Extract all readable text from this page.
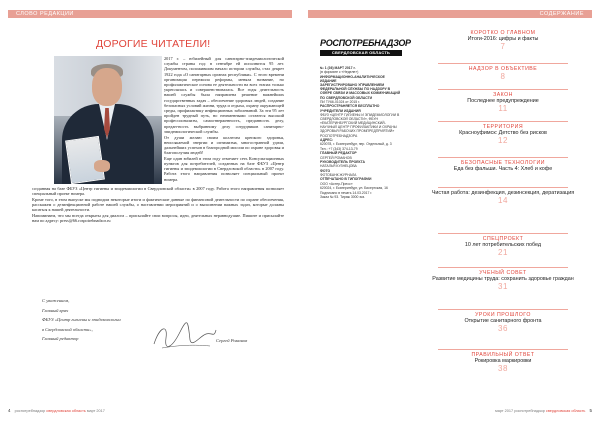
СЛОВО РЕДАКЦИИ
ДОРОГИЕ ЧИТАТЕЛИ!

2017 г. – юбилейный для санитарно-эпидемиологической службы страны год: в сентябре ей исполнится 95 лет. Документом, положившим начало истории службы, стал декрет 1922 года «О санитарных органах республики». С этого времени организация пережила реформы, меняла название, но профилактическое основа ее деятельности на всех этапах только укреплялась и совершенствовалась. Все годы деятельность нашей службы была направлена решение важнейших государственных задач – обеспечение здоровых людей, создание безопасных условий жизни, труда и отдыха, охрану окружающей среды, профилактику инфекционных заболеваний. За эти 95 лет пройден трудный путь, но неизменными остаются высокий профессионализм, самоотверженность, преданность делу, предан-ность выбранному делу сотрудников санитарно-эпидемиологической службы.

От души желаю своим коллегам крепкого здоровья, неиссякаемой энергии и оптимизма, многостранной удачи, дальнейших успехов в благородной миссии по охране здоровья и благополучия людей!

Еще один юбилей в этом году отмечает сеть Консультационных пунктов для потребителей, созданных на базе ФБУЗ «Центр гигиены и эпидемиологии в Свердловской области» в 2007 году. Работа этого направления позволяет специальный проект номера.

созданная на базе ФБУЗ «Центр гигиены и эпидемиологии в Свердловской области» в 2007 году. Работа этого направления позволяет специальный проект номера.

Кроме того, в этом выпуске мы подводим некоторые итоги и фактические данные по финансовой деятельности по охране обеспечения, расскажем о дезинфекционной работе нашей службы, о наставлении мероприятий и о выполнении важных задач, которые должны касаться к нашей деятельности.

Напоминаем, что мы всегда открыты для диалога – присылайте свои вопросы, идеи, деятельных неравнодушие. Пишите и присылайте нам по адресу: press@66.rospotrebnadzor.ru

С уважением,
Главный врач
ФБУЗ «Центр гигиены и эпидемиологии
в Свердловской области»,
Главный редактор	Сергей Романов
4 роспотребнадзор свердловская область март 2017
СОДЕРЖАНИЕ
РОСПОТРЕБНАДЗОР
СВЕРДЛОВСКАЯ ОБЛАСТЬ

№ 1 (36) МАРТ 2017 г.

(в формате с «Неделе»)

ИНФОРМАЦИОННО-АНАЛИТИЧЕСКОЕ ИЗДАНИЕ

ЗАРЕГИСТРИРОВАНО УПРАВЛЕНИЕМ ФЕДЕРАЛЬНОЙ СЛУЖБЫ ПО НАДЗОРУ В СФЕРЕ СВЯЗИ И МАССОВЫХ КОММУНИКАЦИЙ ПО СВЕРДЛОВСКОЙ ОБЛАСТИ

ПИ ТУ66-01024 от 2015 г.

РАСПРОСТРАНЯЕТСЯ БЕСПЛАТНО

УЧРЕДИТЕЛИ ИЗДАНИЯ

ФБУЗ «ЦЕНТР ГИГИЕНЫ И ЭПИДЕМИОЛОГИИ В СВЕРДЛОВСКОЙ ОБЛАСТИ», ФБУН «ЕКАТЕРИНБУРГСКИЙ МЕДИЦИНСКИЙ-НАУЧНЫЙ ЦЕНТР ПРОФИЛАКТИКИ И ОХРАНЫ ЗДОРОВЬЯ РАБОЧИХ ПРОМПРЕДПРИЯТИЙ» РОСПОТРЕБНАДЗОРА

АДРЕС:

620078, г. Екатеринбург, пер. Отдельный, д. 3

Тел.: +7 (343) 374-13-79

ГЛАВНЫЙ РЕДАКТОР

СЕРГЕЙ РОМАНОВ

РУКОВОДИТЕЛЬ ПРОЕКТА

НАТАЛЬЯ КУЗНЕЦОВА

ФОТО

ФОТОБАНК ЖУРНАЛА

ОТПЕЧАТАНО В ТИПОГРАФИИ

ООО «Астер-Пресс»

620024, г. Екатеринбург, ул. Бисертская, 16

Подписано в печать 14.03.2017 г.

Заказ № 93. Тираж 3000 экз.

КОРОТКО О ГЛАВНОМ
Итоги-2016: цифры и факты
7
НАДЗОР В ОБЪЕКТИВЕ
8
ЗАКОН
Последнее предупреждение
11
ТЕРРИТОРИЯ
Красноуфимск: Детство без рисков
12
БЕЗОПАСНЫЕ ТЕХНОЛОГИИ
Еда без фальши. Часть 4: Хлеб и кофе
Чистая работа: дезинфекция, дезинсекция, дератизация
14
СПЕЦПРОЕКТ
10 лет потребительских побед
21
УЧЕНЫЙ СОВЕТ
Развитие медицины труда: сохранить здоровье граждан
31
УРОКИ ПРОШЛОГО
Открытие санитарного фронта
36
ПРАВИЛЬНЫЙ ОТВЕТ
Рокировка маркировки
38
март 2017 роспотребнадзор свердловская область 5
